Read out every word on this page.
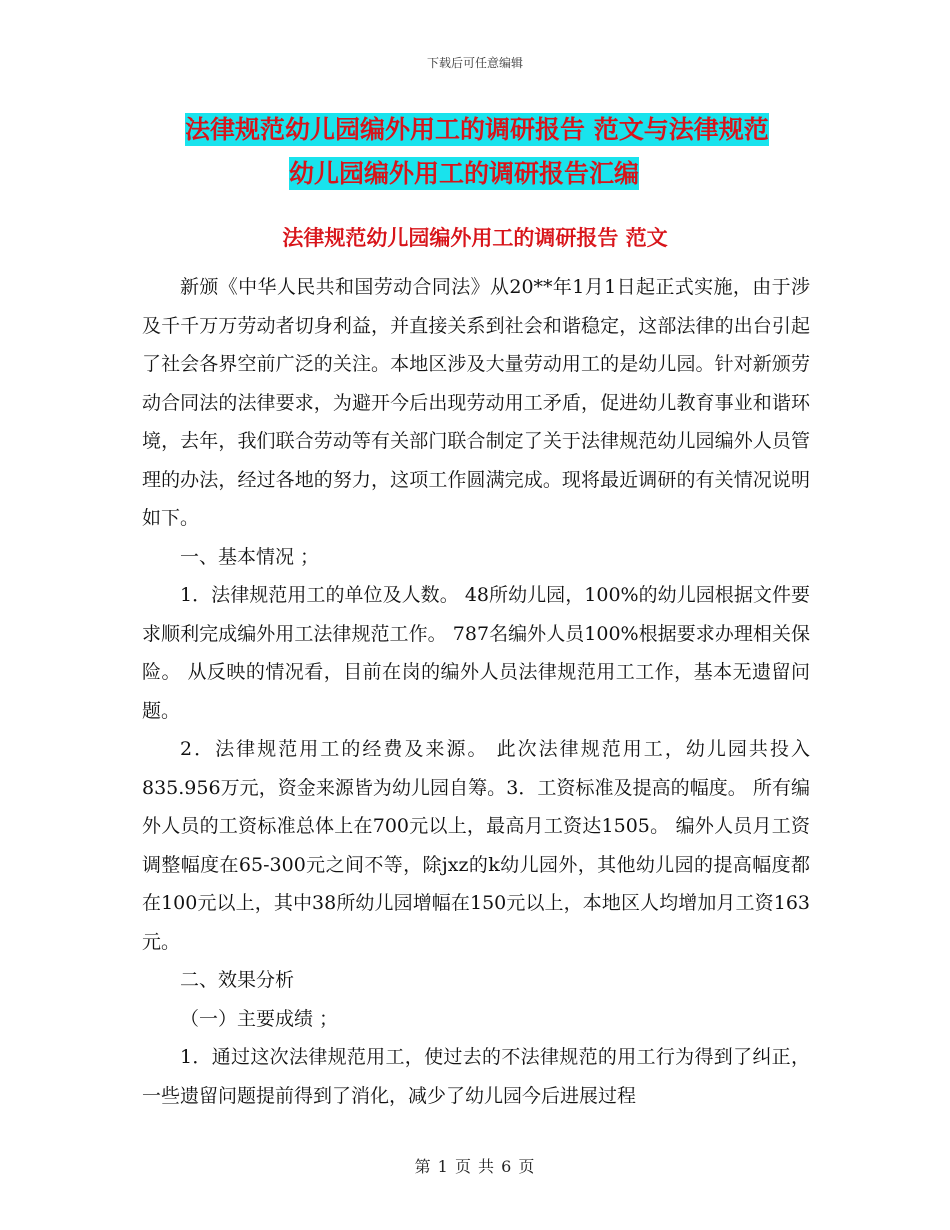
下载后可任意编辑
法律规范幼儿园编外用工的调研报告 范文与法律规范
幼儿园编外用工的调研报告汇编
法律规范幼儿园编外用工的调研报告 范文

新颁《中华人民共和国劳动合同法》从20**年1月1日起正式实施，由于涉及千千万万劳动者切身利益，并直接关系到社会和谐稳定，这部法律的出台引起了社会各界空前广泛的关注。本地区涉及大量劳动用工的是幼儿园。针对新颁劳动合同法的法律要求，为避开今后出现劳动用工矛盾，促进幼儿教育事业和谐环境，去年，我们联合劳动等有关部门联合制定了关于法律规范幼儿园编外人员管理的办法，经过各地的努力，这项工作圆满完成。现将最近调研的有关情况说明如下。

一、基本情况 ；

1．法律规范用工的单位及人数。 48所幼儿园，100%的幼儿园根据文件要求顺利完成编外用工法律规范工作。 787名编外人员100%根据要求办理相关保险。 从反映的情况看，目前在岗的编外人员法律规范用工工作，基本无遗留问题。

2．法律规范用工的经费及来源。 此次法律规范用工，幼儿园共投入835.956万元，资金来源皆为幼儿园自筹。3．工资标准及提高的幅度。 所有编外人员的工资标准总体上在700元以上，最高月工资达1505。 编外人员月工资调整幅度在65-300元之间不等，除jxz的k幼儿园外，其他幼儿园的提高幅度都在100元以上，其中38所幼儿园增幅在150元以上，本地区人均增加月工资163元。

二、效果分析

（一）主要成绩 ；

1．通过这次法律规范用工，使过去的不法律规范的用工行为得到了纠正，一些遗留问题提前得到了消化，减少了幼儿园今后进展过程

第 1 页 共 6 页
